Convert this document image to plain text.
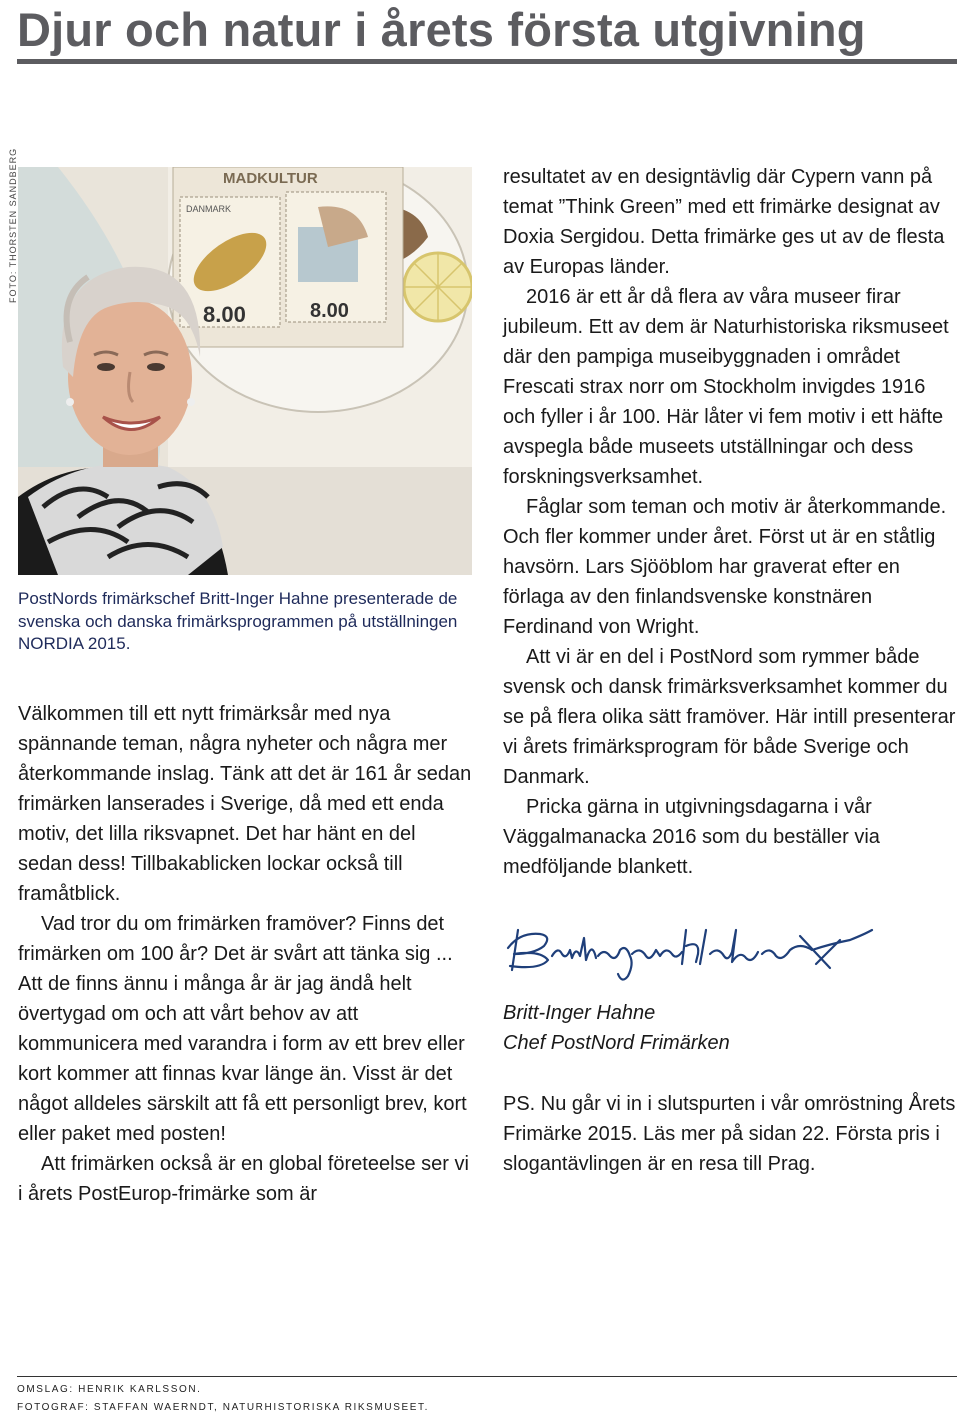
Djur och natur i årets första utgivning
FOTO: THORSTEN SANDBERG	MADKULTUR
DANMARK
8.00	8.00

PostNords frimärkschef Britt-Inger Hahne presenterade de svenska och danska frimärksprogrammen på utställningen NORDIA 2015.

Välkommen till ett nytt frimärksår med nya spännande teman, några nyheter och några mer återkommande inslag. Tänk att det är 161 år sedan frimärken lanserades i Sverige, då med ett enda motiv, det lilla riksvapnet. Det har hänt en del sedan dess! Tillbakablicken lockar också till framåtblick.

Vad tror du om frimärken framöver? Finns det frimärken om 100 år? Det är svårt att tänka sig ... Att de finns ännu i många år är jag ändå helt övertygad om och att vårt behov av att kommunicera med varandra i form av ett brev eller kort kommer att finnas kvar länge än. Visst är det något alldeles särskilt att få ett personligt brev, kort eller paket med posten!

Att frimärken också är en global företeelse ser vi i årets PostEurop-frimärke som är

resultatet av en designtävlig där Cypern vann på temat ”Think Green” med ett frimärke designat av Doxia Sergidou. Detta frimärke ges ut av de flesta av Europas länder.

2016 är ett år då flera av våra museer firar jubileum. Ett av dem är Naturhistoriska riksmuseet där den pampiga museibyggnaden i området Frescati strax norr om Stockholm invigdes 1916 och fyller i år 100. Här låter vi fem motiv i ett häfte avspegla både museets utställningar och dess forskningsverksamhet.

Fåglar som teman och motiv är återkommande. Och fler kommer under året. Först ut är en ståtlig havsörn. Lars Sjööblom har graverat efter en förlaga av den finlandsvenske konstnären Ferdinand von Wright.

Att vi är en del i PostNord som rymmer både svensk och dansk frimärksverksamhet kommer du se på flera olika sätt framöver. Här intill presenterar vi årets frimärksprogram för både Sverige och Danmark.

Pricka gärna in utgivningsdagarna i vår Väggalmanacka 2016 som du beställer via medföljande blankett.

Britt-Inger Hahne
Chef PostNord Frimärken

PS. Nu går vi in i slutspurten i vår omröstning Årets Frimärke 2015. Läs mer på sidan 22. Första pris i slogantävlingen är en resa till Prag.

OMSLAG: HENRIK KARLSSON.
FOTOGRAF: STAFFAN WAERNDT, NATURHISTORISKA RIKSMUSEET.
